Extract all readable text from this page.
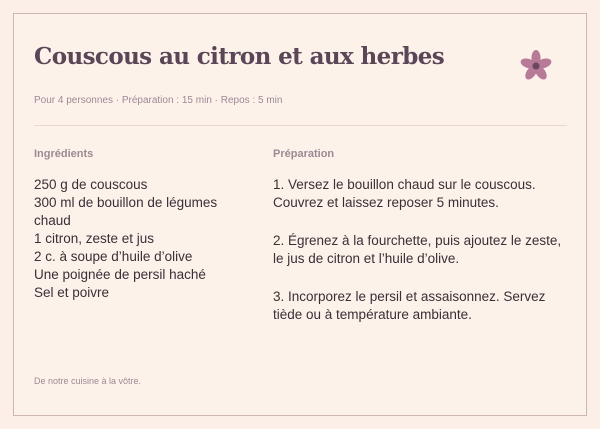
Couscous au citron et aux herbes
Pour 4 personnes · Préparation : 15 min · Repos : 5 min
Ingrédients	Préparation
250 g de couscous
300 ml de bouillon de légumes chaud
1 citron, zeste et jus
2 c. à soupe d’huile d’olive
Une poignée de persil haché
Sel et poivre
1. Versez le bouillon chaud sur le couscous. Couvrez et laissez reposer 5 minutes.
2. Égrenez à la fourchette, puis ajoutez le zeste, le jus de citron et l’huile d’olive.
3. Incorporez le persil et assaisonnez. Servez tiède ou à température ambiante.
De notre cuisine à la vôtre.
